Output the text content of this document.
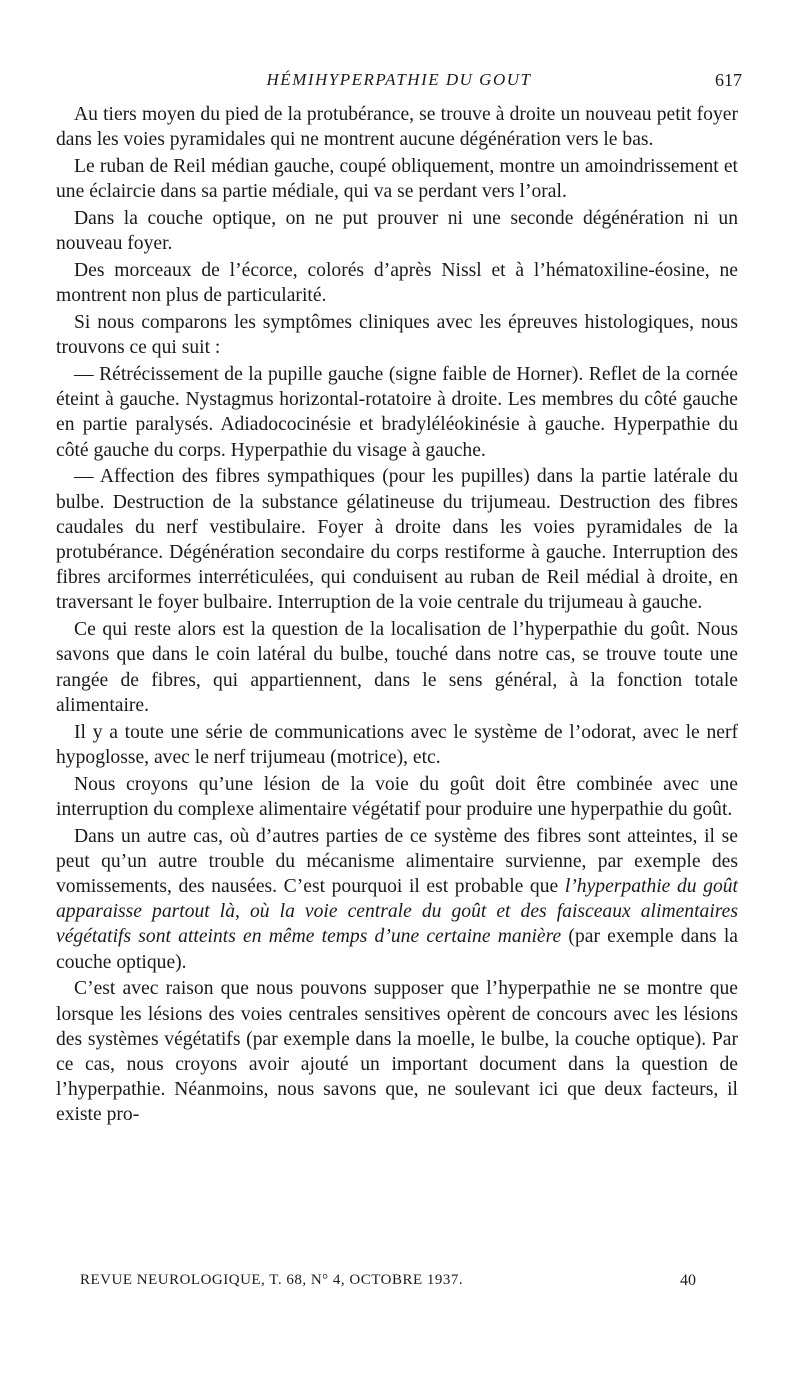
HÉMIHYPERPATHIE DU GOUT	617

Au tiers moyen du pied de la protubérance, se trouve à droite un nouveau petit foyer dans les voies pyramidales qui ne montrent aucune dégénération vers le bas.

Le ruban de Reil médian gauche, coupé obliquement, montre un amoindrissement et une éclaircie dans sa partie médiale, qui va se perdant vers l’oral.

Dans la couche optique, on ne put prouver ni une seconde dégénération ni un nouveau foyer.

Des morceaux de l’écorce, colorés d’après Nissl et à l’hématoxiline-éosine, ne montrent non plus de particularité.

Si nous comparons les symptômes cliniques avec les épreuves histologiques, nous trouvons ce qui suit :

— Rétrécissement de la pupille gauche (signe faible de Horner). Reflet de la cornée éteint à gauche. Nystagmus horizontal-rotatoire à droite. Les membres du côté gauche en partie paralysés. Adiadococinésie et bradyléléokinésie à gauche. Hyperpathie du côté gauche du corps. Hyperpathie du visage à gauche.

— Affection des fibres sympathiques (pour les pupilles) dans la partie latérale du bulbe. Destruction de la substance gélatineuse du trijumeau. Destruction des fibres caudales du nerf vestibulaire. Foyer à droite dans les voies pyramidales de la protubérance. Dégénération secondaire du corps restiforme à gauche. Interruption des fibres arciformes interréticulées, qui conduisent au ruban de Reil médial à droite, en traversant le foyer bulbaire. Interruption de la voie centrale du trijumeau à gauche.

Ce qui reste alors est la question de la localisation de l’hyperpathie du goût. Nous savons que dans le coin latéral du bulbe, touché dans notre cas, se trouve toute une rangée de fibres, qui appartiennent, dans le sens général, à la fonction totale alimentaire.

Il y a toute une série de communications avec le système de l’odorat, avec le nerf hypoglosse, avec le nerf trijumeau (motrice), etc.

Nous croyons qu’une lésion de la voie du goût doit être combinée avec une interruption du complexe alimentaire végétatif pour produire une hyperpathie du goût.

Dans un autre cas, où d’autres parties de ce système des fibres sont atteintes, il se peut qu’un autre trouble du mécanisme alimentaire survienne, par exemple des vomissements, des nausées. C’est pourquoi il est probable que l’hyperpathie du goût apparaisse partout là, où la voie centrale du goût et des faisceaux alimentaires végétatifs sont atteints en même temps d’une certaine manière (par exemple dans la couche optique).

C’est avec raison que nous pouvons supposer que l’hyperpathie ne se montre que lorsque les lésions des voies centrales sensitives opèrent de concours avec les lésions des systèmes végétatifs (par exemple dans la moelle, le bulbe, la couche optique). Par ce cas, nous croyons avoir ajouté un important document dans la question de l’hyperpathie. Néanmoins, nous savons que, ne soulevant ici que deux facteurs, il existe pro-

REVUE NEUROLOGIQUE, T. 68, N° 4, OCTOBRE 1937.	40
